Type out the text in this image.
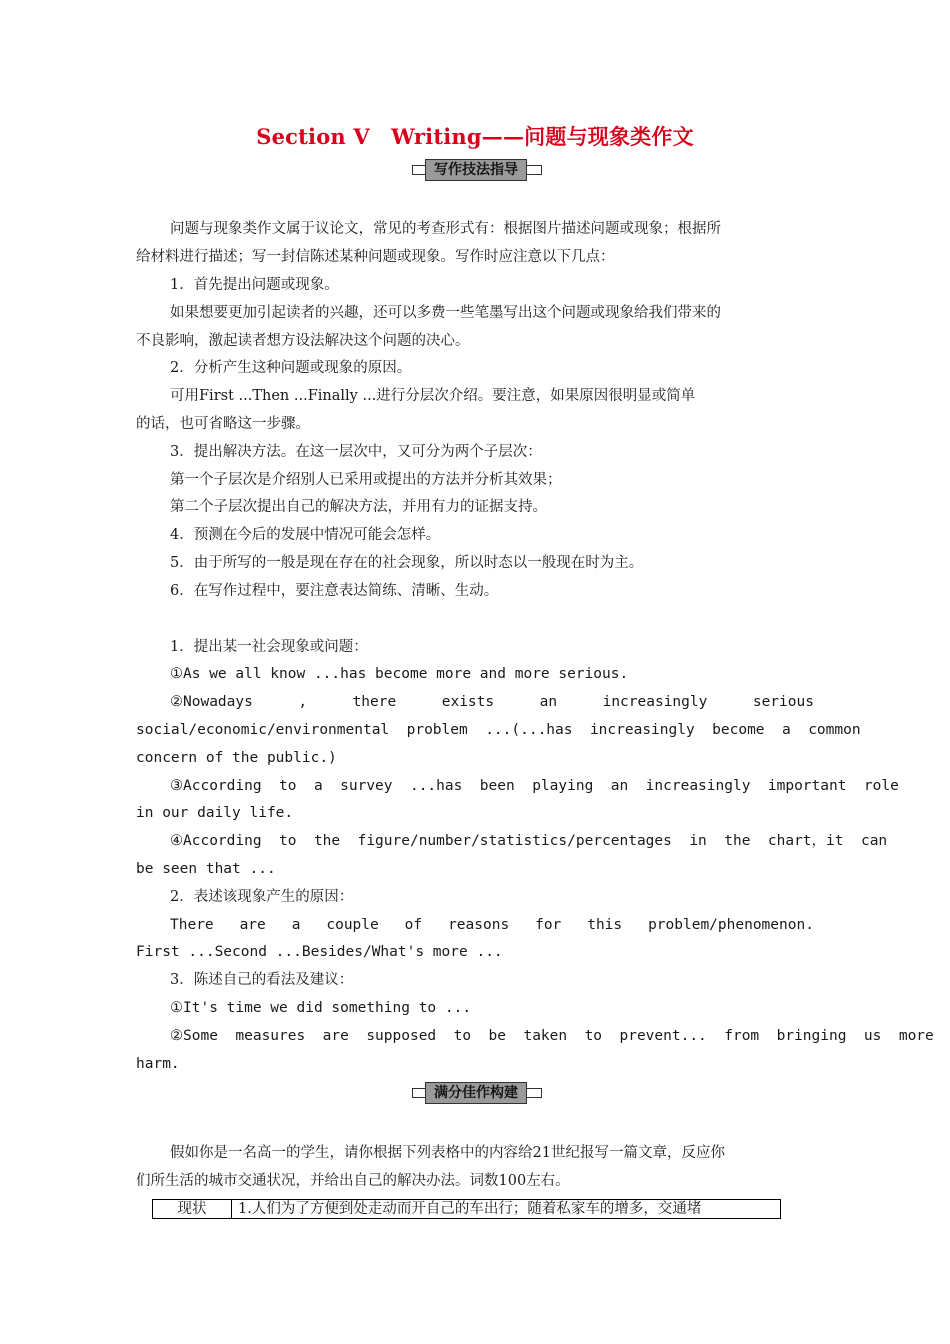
Section Ⅴ　Writing——问题与现象类作文
写作技法指导

问题与现象类作文属于议论文，常见的考查形式有：根据图片描述问题或现象；根据所

给材料进行描述；写一封信陈述某种问题或现象。写作时应注意以下几点：

1．首先提出问题或现象。

如果想要更加引起读者的兴趣，还可以多费一些笔墨写出这个问题或现象给我们带来的

不良影响，激起读者想方设法解决这个问题的决心。

2．分析产生这种问题或现象的原因。

可用First ...Then ...Finally ...进行分层次介绍。要注意，如果原因很明显或简单

的话，也可省略这一步骤。

3．提出解决方法。在这一层次中，又可分为两个子层次：

第一个子层次是介绍别人已采用或提出的方法并分析其效果；

第二个子层次提出自己的解决方法，并用有力的证据支持。

4．预测在今后的发展中情况可能会怎样。

5．由于所写的一般是现在存在的社会现象，所以时态以一般现在时为主。

6．在写作过程中，要注意表达简练、清晰、生动。

1．提出某一社会现象或问题：

①As we all know ...has become more and more serious.

②Nowadays	,	there	exists	an	increasingly	serious

social/economic/environmental  problem  ...(...has  increasingly  become  a  common

concern of the public.)

③According  to  a  survey  ...has  been  playing  an  increasingly  important  role

in our daily life.

④According  to  the  figure/number/statistics/percentages  in  the  chart，it  can

be seen that ...

2．表述该现象产生的原因：

There are a couple of reasons for this problem/phenomenon.

First ...Second ...Besides/What's more ...

3．陈述自己的看法及建议：

①It's time we did something to ...

②Some  measures  are  supposed  to  be  taken  to  prevent...  from  bringing  us  more

harm.

满分佳作构建

假如你是一名高一的学生，请你根据下列表格中的内容给21世纪报写一篇文章，反应你

们所生活的城市交通状况，并给出自己的解决办法。词数100左右。

现状	1.人们为了方便到处走动而开自己的车出行；随着私家车的增多，交通堵
